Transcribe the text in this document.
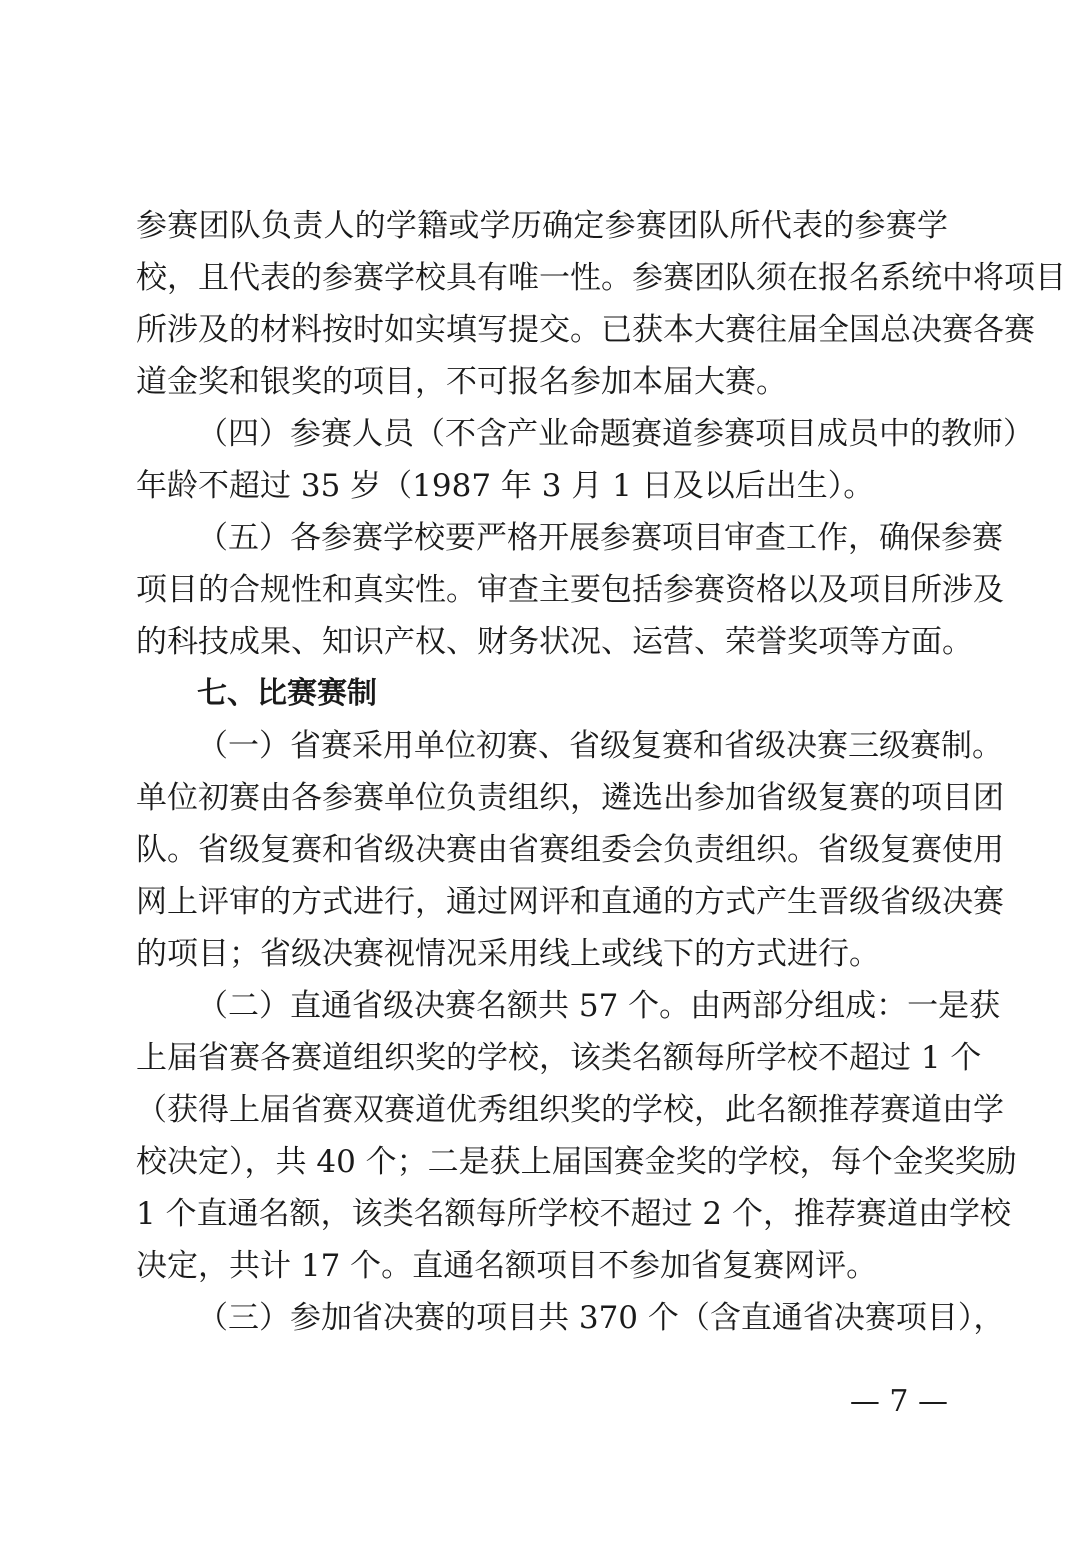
参赛团队负责人的学籍或学历确定参赛团队所代表的参赛学
校，且代表的参赛学校具有唯一性。参赛团队须在报名系统中将项目
所涉及的材料按时如实填写提交。已获本大赛往届全国总决赛各赛
道金奖和银奖的项目，不可报名参加本届大赛。
（四）参赛人员（不含产业命题赛道参赛项目成员中的教师）
年龄不超过 35 岁（1987 年 3 月 1 日及以后出生）。
（五）各参赛学校要严格开展参赛项目审查工作，确保参赛
项目的合规性和真实性。审查主要包括参赛资格以及项目所涉及
的科技成果、知识产权、财务状况、运营、荣誉奖项等方面。
七、比赛赛制
（一）省赛采用单位初赛、省级复赛和省级决赛三级赛制。
单位初赛由各参赛单位负责组织，遴选出参加省级复赛的项目团
队。省级复赛和省级决赛由省赛组委会负责组织。省级复赛使用
网上评审的方式进行，通过网评和直通的方式产生晋级省级决赛
的项目；省级决赛视情况采用线上或线下的方式进行。
（二）直通省级决赛名额共 57 个。由两部分组成：一是获
上届省赛各赛道组织奖的学校，该类名额每所学校不超过 1 个
（获得上届省赛双赛道优秀组织奖的学校，此名额推荐赛道由学
校决定），共 40 个；二是获上届国赛金奖的学校，每个金奖奖励
1 个直通名额，该类名额每所学校不超过 2 个，推荐赛道由学校
决定，共计 17 个。直通名额项目不参加省复赛网评。
（三）参加省决赛的项目共 370 个（含直通省决赛项目），
— 7 —
